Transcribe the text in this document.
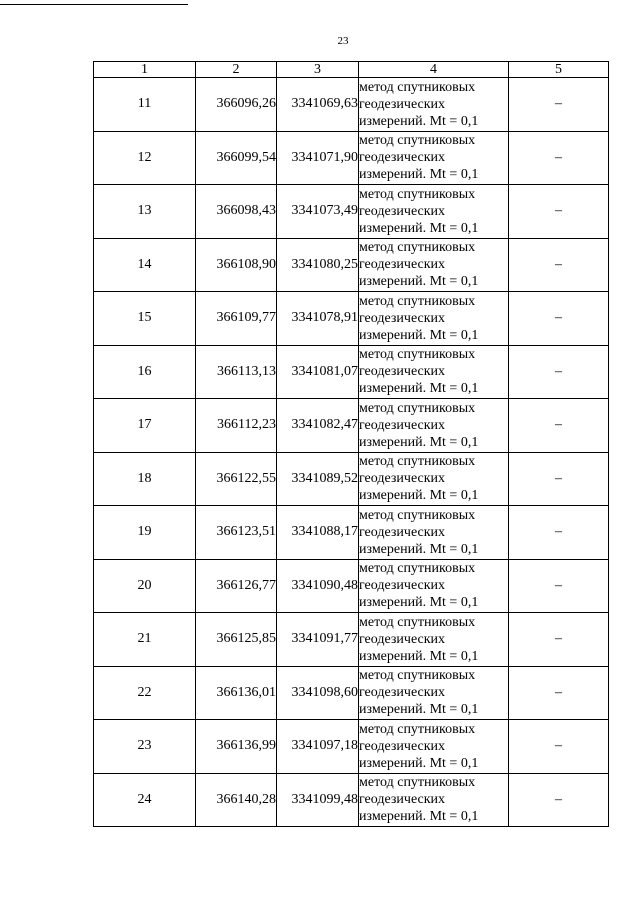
23
1	2	3	4	5
11	366096,26	3341069,63	метод спутниковых
геодезических
измерений. Mt = 0,1	–
12	366099,54	3341071,90	метод спутниковых
геодезических
измерений. Mt = 0,1	–
13	366098,43	3341073,49	метод спутниковых
геодезических
измерений. Mt = 0,1	–
14	366108,90	3341080,25	метод спутниковых
геодезических
измерений. Mt = 0,1	–
15	366109,77	3341078,91	метод спутниковых
геодезических
измерений. Mt = 0,1	–
16	366113,13	3341081,07	метод спутниковых
геодезических
измерений. Mt = 0,1	–
17	366112,23	3341082,47	метод спутниковых
геодезических
измерений. Mt = 0,1	–
18	366122,55	3341089,52	метод спутниковых
геодезических
измерений. Mt = 0,1	–
19	366123,51	3341088,17	метод спутниковых
геодезических
измерений. Mt = 0,1	–
20	366126,77	3341090,48	метод спутниковых
геодезических
измерений. Mt = 0,1	–
21	366125,85	3341091,77	метод спутниковых
геодезических
измерений. Mt = 0,1	–
22	366136,01	3341098,60	метод спутниковых
геодезических
измерений. Mt = 0,1	–
23	366136,99	3341097,18	метод спутниковых
геодезических
измерений. Mt = 0,1	–
24	366140,28	3341099,48	метод спутниковых
геодезических
измерений. Mt = 0,1	–
